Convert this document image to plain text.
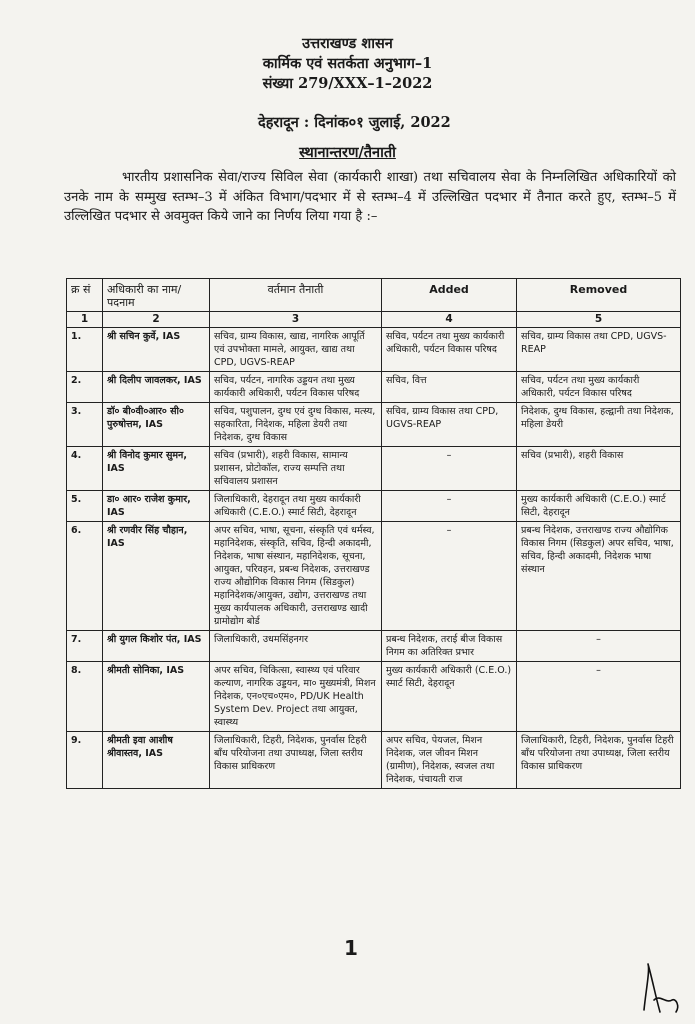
उत्तराखण्ड शासन
कार्मिक एवं सतर्कता अनुभाग–1
संख्या 279/XXX–1–2022
देहरादून : दिनांक०१ जुलाई, 2022
स्थानान्तरण/तैनाती

भारतीय प्रशासनिक सेवा/राज्य सिविल सेवा (कार्यकारी शाखा) तथा सचिवालय सेवा के निम्नलिखित अधिकारियों को उनके नाम के सम्मुख स्तम्भ–3 में अंकित विभाग/पदभार में से स्तम्भ–4 में उल्लिखित पदभार में तैनात करते हुए, स्तम्भ–5 में उल्लिखित पदभार से अवमुक्त किये जाने का निर्णय लिया गया है :–

क्र सं	अधिकारी का नाम/पदनाम	वर्तमान तैनाती	Added	Removed
1	2	3	4	5
1.	श्री सचिन कुर्वे, IAS	सचिव, ग्राम्य विकास, खाद्य, नागरिक आपूर्ति एवं उपभोक्ता मामले, आयुक्त, खाद्य तथा CPD, UGVS-REAP	सचिव, पर्यटन तथा मुख्य कार्यकारी अधिकारी, पर्यटन विकास परिषद	सचिव, ग्राम्य विकास तथा CPD, UGVS-REAP
2.	श्री दिलीप जावलकर, IAS	सचिव, पर्यटन, नागरिक उड्डयन तथा मुख्य कार्यकारी अधिकारी, पर्यटन विकास परिषद	सचिव, वित्त	सचिव, पर्यटन तथा मुख्य कार्यकारी अधिकारी, पर्यटन विकास परिषद
3.	डॉ० बी०वी०आर० सी० पुरुषोत्तम, IAS	सचिव, पशुपालन, दुग्ध एवं दुग्ध विकास, मत्स्य, सहकारिता, निदेशक, महिला डेयरी तथा निदेशक, दुग्ध विकास	सचिव, ग्राम्य विकास तथा CPD, UGVS-REAP	निदेशक, दुग्ध विकास, हल्द्वानी तथा निदेशक, महिला डेयरी
4.	श्री विनोद कुमार सुमन, IAS	सचिव (प्रभारी), शहरी विकास, सामान्य प्रशासन, प्रोटोकॉल, राज्य सम्पत्ति तथा सचिवालय प्रशासन	–	सचिव (प्रभारी), शहरी विकास
5.	डा० आर० राजेश कुमार, IAS	जिलाधिकारी, देहरादून तथा मुख्य कार्यकारी अधिकारी (C.E.O.) स्मार्ट सिटी, देहरादून	–	मुख्य कार्यकारी अधिकारी (C.E.O.) स्मार्ट सिटी, देहरादून
6.	श्री रणवीर सिंह चौहान, IAS	अपर सचिव, भाषा, सूचना, संस्कृति एवं धर्मस्व, महानिदेशक, संस्कृति, सचिव, हिन्दी अकादमी, निदेशक, भाषा संस्थान, महानिदेशक, सूचना, आयुक्त, परिवहन, प्रबन्ध निदेशक, उत्तराखण्ड राज्य औद्योगिक विकास निगम (सिडकुल) महानिदेशक/आयुक्त, उद्योग, उत्तराखण्ड तथा मुख्य कार्यपालक अधिकारी, उत्तराखण्ड खादी ग्रामोद्योग बोर्ड	–	प्रबन्ध निदेशक, उत्तराखण्ड राज्य औद्योगिक विकास निगम (सिडकुल) अपर सचिव, भाषा, सचिव, हिन्दी अकादमी, निदेशक भाषा संस्थान
7.	श्री युगल किशोर पंत, IAS	जिलाधिकारी, उधमसिंहनगर	प्रबन्ध निदेशक, तराई बीज विकास निगम का अतिरिक्त प्रभार	–
8.	श्रीमती सोनिका, IAS	अपर सचिव, चिकित्सा, स्वास्थ्य एवं परिवार कल्याण, नागरिक उड्डयन, मा० मुख्यमंत्री, मिशन निदेशक, एन०एच०एम०, PD/UK Health System Dev. Project तथा आयुक्त, स्वास्थ्य	मुख्य कार्यकारी अधिकारी (C.E.O.) स्मार्ट सिटी, देहरादून	–
9.	श्रीमती इवा आशीष श्रीवास्तव, IAS	जिलाधिकारी, टिहरी, निदेशक, पुनर्वास टिहरी बाँध परियोजना तथा उपाध्यक्ष, जिला स्तरीय विकास प्राधिकरण	अपर सचिव, पेयजल, मिशन निदेशक, जल जीवन मिशन (ग्रामीण), निदेशक, स्वजल तथा निदेशक, पंचायती राज	जिलाधिकारी, टिहरी, निदेशक, पुनर्वास टिहरी बाँध परियोजना तथा उपाध्यक्ष, जिला स्तरीय विकास प्राधिकरण
1
